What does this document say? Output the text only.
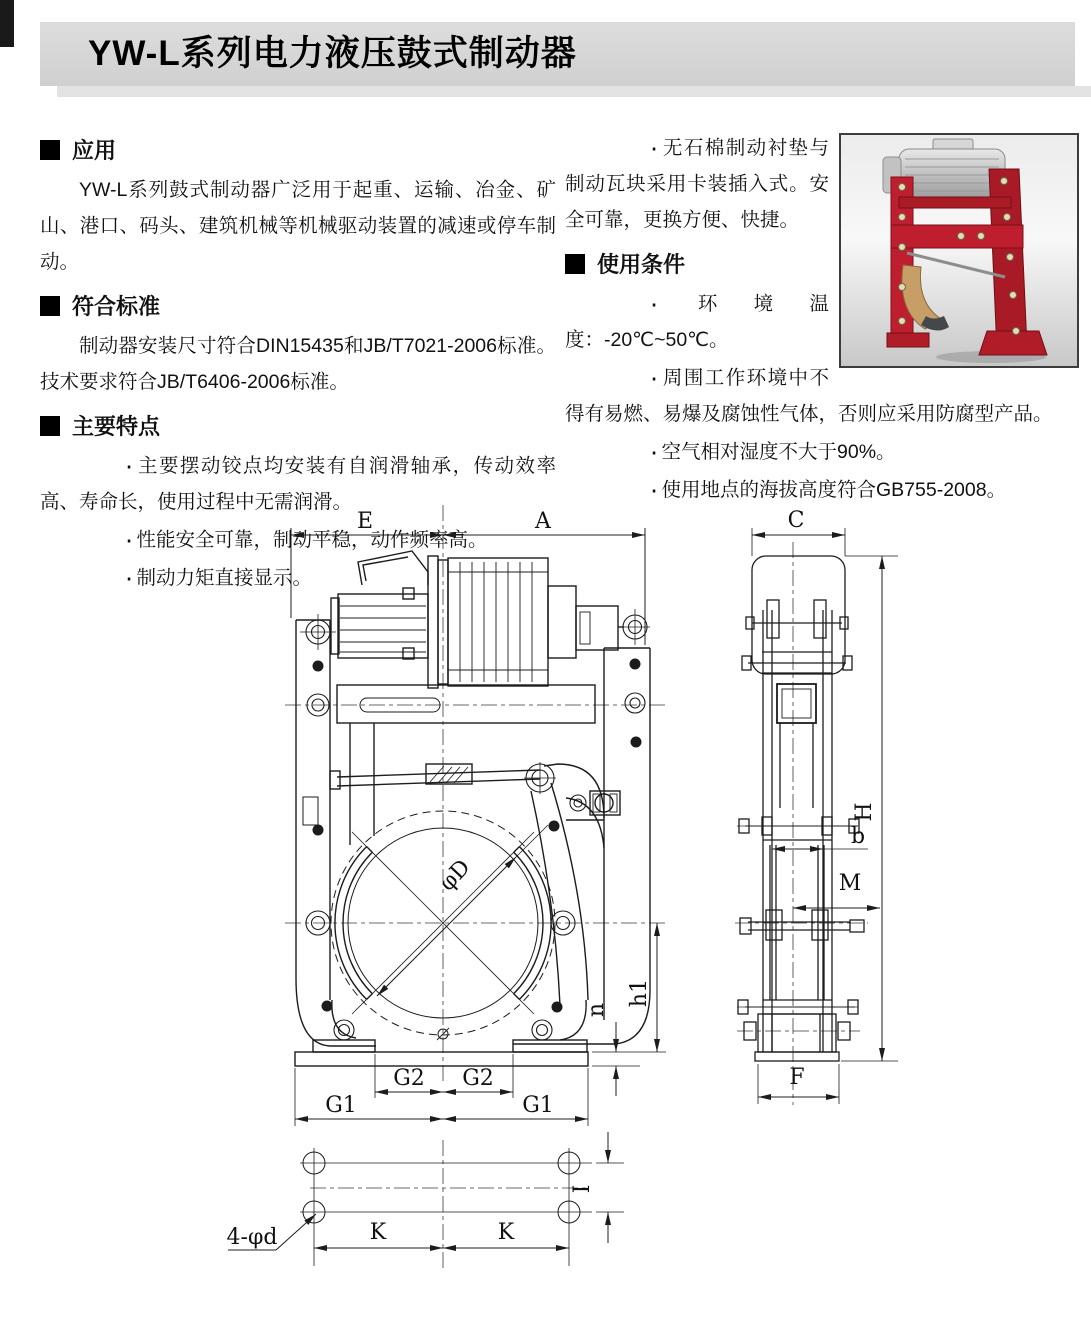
YW-L系列电力液压鼓式制动器
应用

YW-L系列鼓式制动器广泛用于起重、运输、冶金、矿山、港口、码头、建筑机械等机械驱动装置的减速或停车制动。

符合标准

制动器安装尺寸符合DIN15435和JB/T7021-2006标准。技术要求符合JB/T6406-2006标准。

主要特点

· 主要摆动铰点均安装有自润滑轴承，传动效率高、寿命长，使用过程中无需润滑。

· 性能安全可靠，制动平稳，动作频率高。

· 制动力矩直接显示。

· 无石棉制动衬垫与制动瓦块采用卡装插入式。安全可靠，更换方便、快捷。

使用条件

· 环境温度：-20℃~50℃。

· 周围工作环境中不得有易燃、易爆及腐蚀性气体，否则应采用防腐型产品。

· 空气相对湿度不大于90%。

· 使用地点的海拔高度符合GB755-2008。

E	A	C
φD
h1
n
H
b
M
F
G2 G2
G1	G1
K	K
I
4-φd
